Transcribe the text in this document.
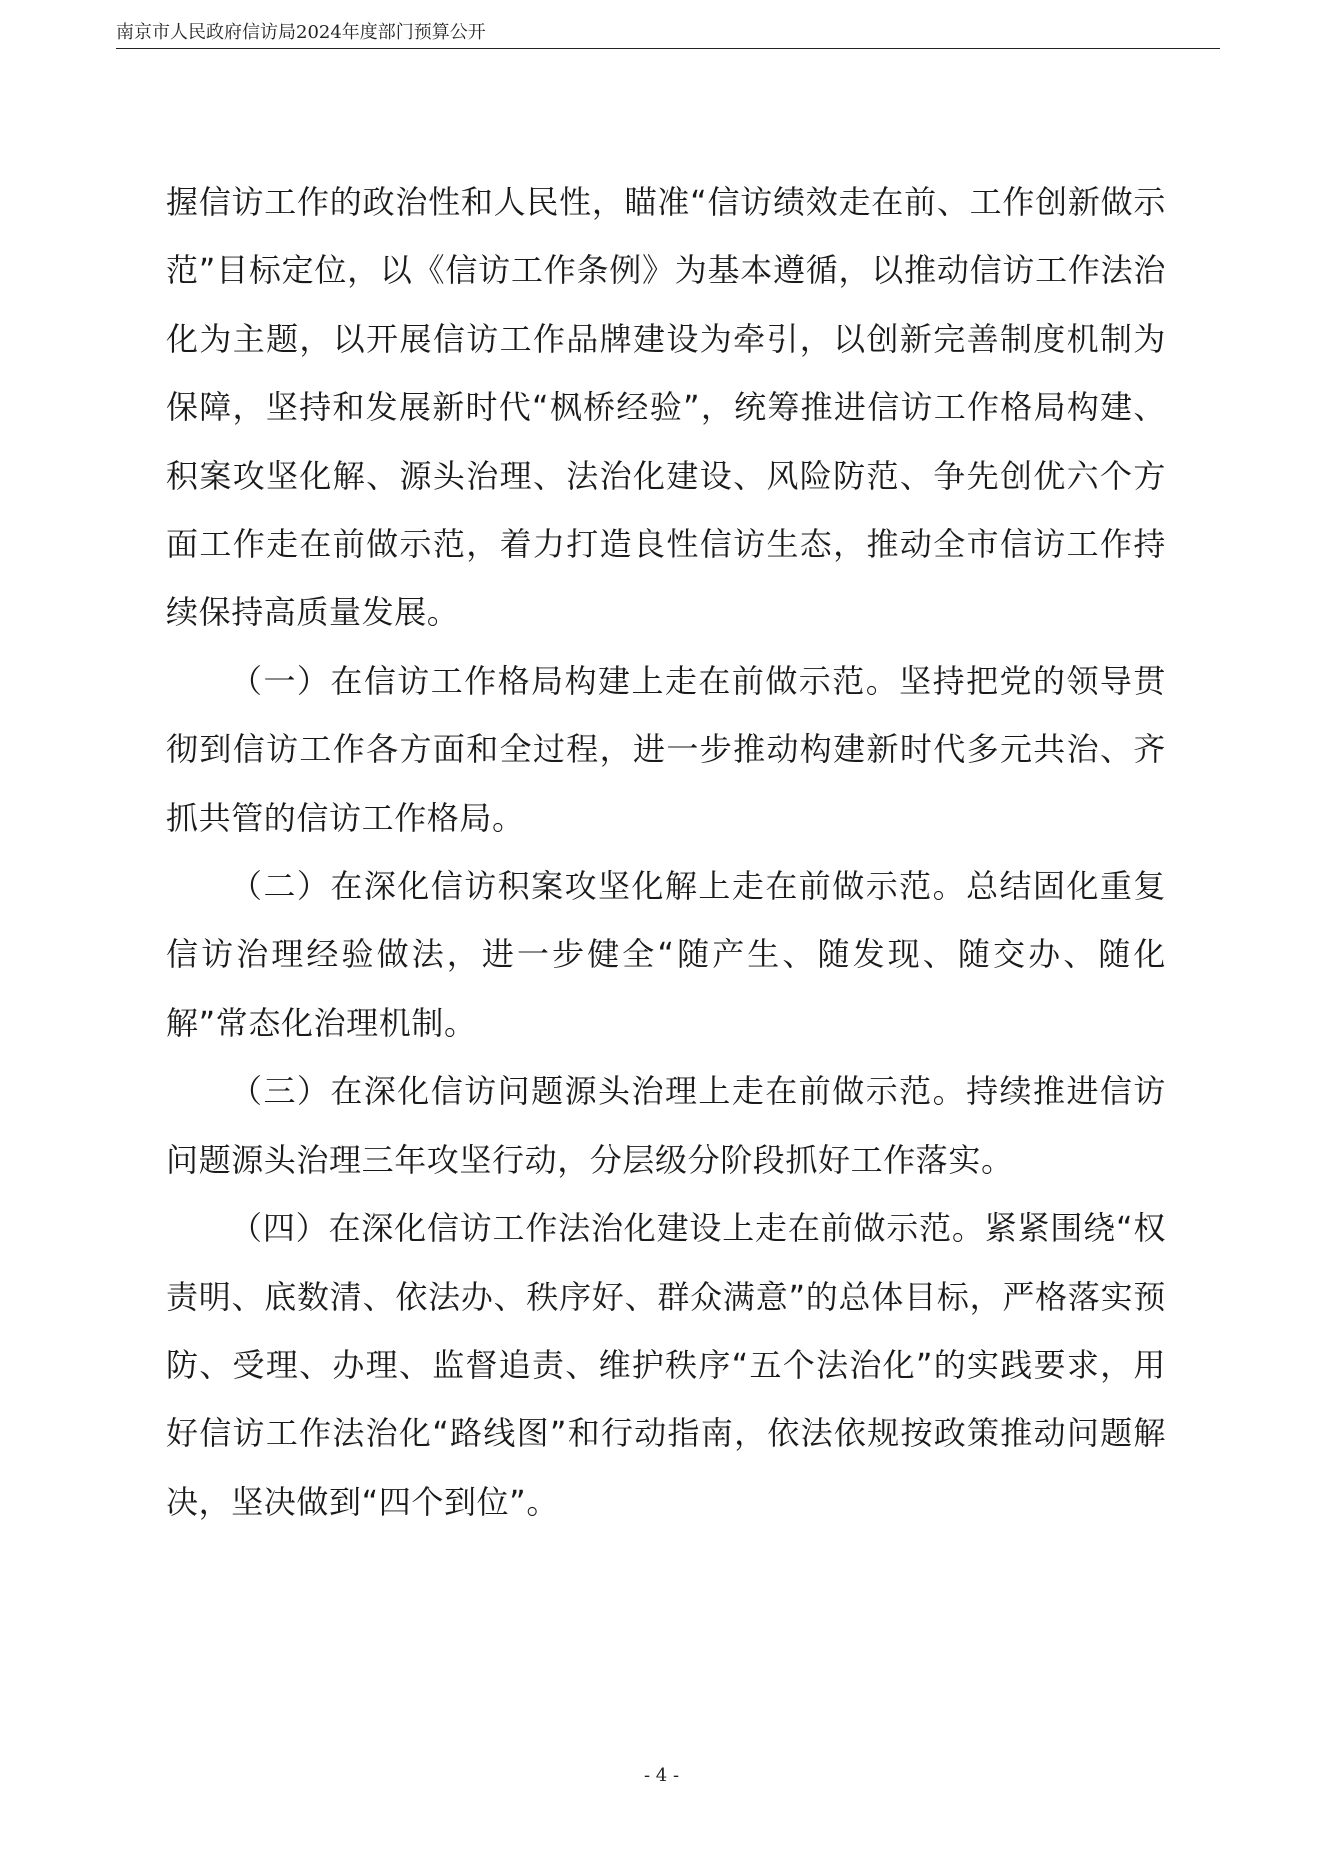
南京市人民政府信访局2024年度部门预算公开

握信访工作的政治性和人民性，瞄准“信访绩效走在前、工作创新做示范”目标定位，以《信访工作条例》为基本遵循，以推动信访工作法治化为主题，以开展信访工作品牌建设为牵引，以创新完善制度机制为保障，坚持和发展新时代“枫桥经验”，统筹推进信访工作格局构建、积案攻坚化解、源头治理、法治化建设、风险防范、争先创优六个方面工作走在前做示范，着力打造良性信访生态，推动全市信访工作持续保持高质量发展。

（一）在信访工作格局构建上走在前做示范。坚持把党的领导贯彻到信访工作各方面和全过程，进一步推动构建新时代多元共治、齐抓共管的信访工作格局。

（二）在深化信访积案攻坚化解上走在前做示范。总结固化重复信访治理经验做法，进一步健全“随产生、随发现、随交办、随化解”常态化治理机制。

（三）在深化信访问题源头治理上走在前做示范。持续推进信访问题源头治理三年攻坚行动，分层级分阶段抓好工作落实。

（四）在深化信访工作法治化建设上走在前做示范。紧紧围绕“权责明、底数清、依法办、秩序好、群众满意”的总体目标，严格落实预防、受理、办理、监督追责、维护秩序“五个法治化”的实践要求，用好信访工作法治化“路线图”和行动指南，依法依规按政策推动问题解决，坚决做到“四个到位”。

- 4 -
